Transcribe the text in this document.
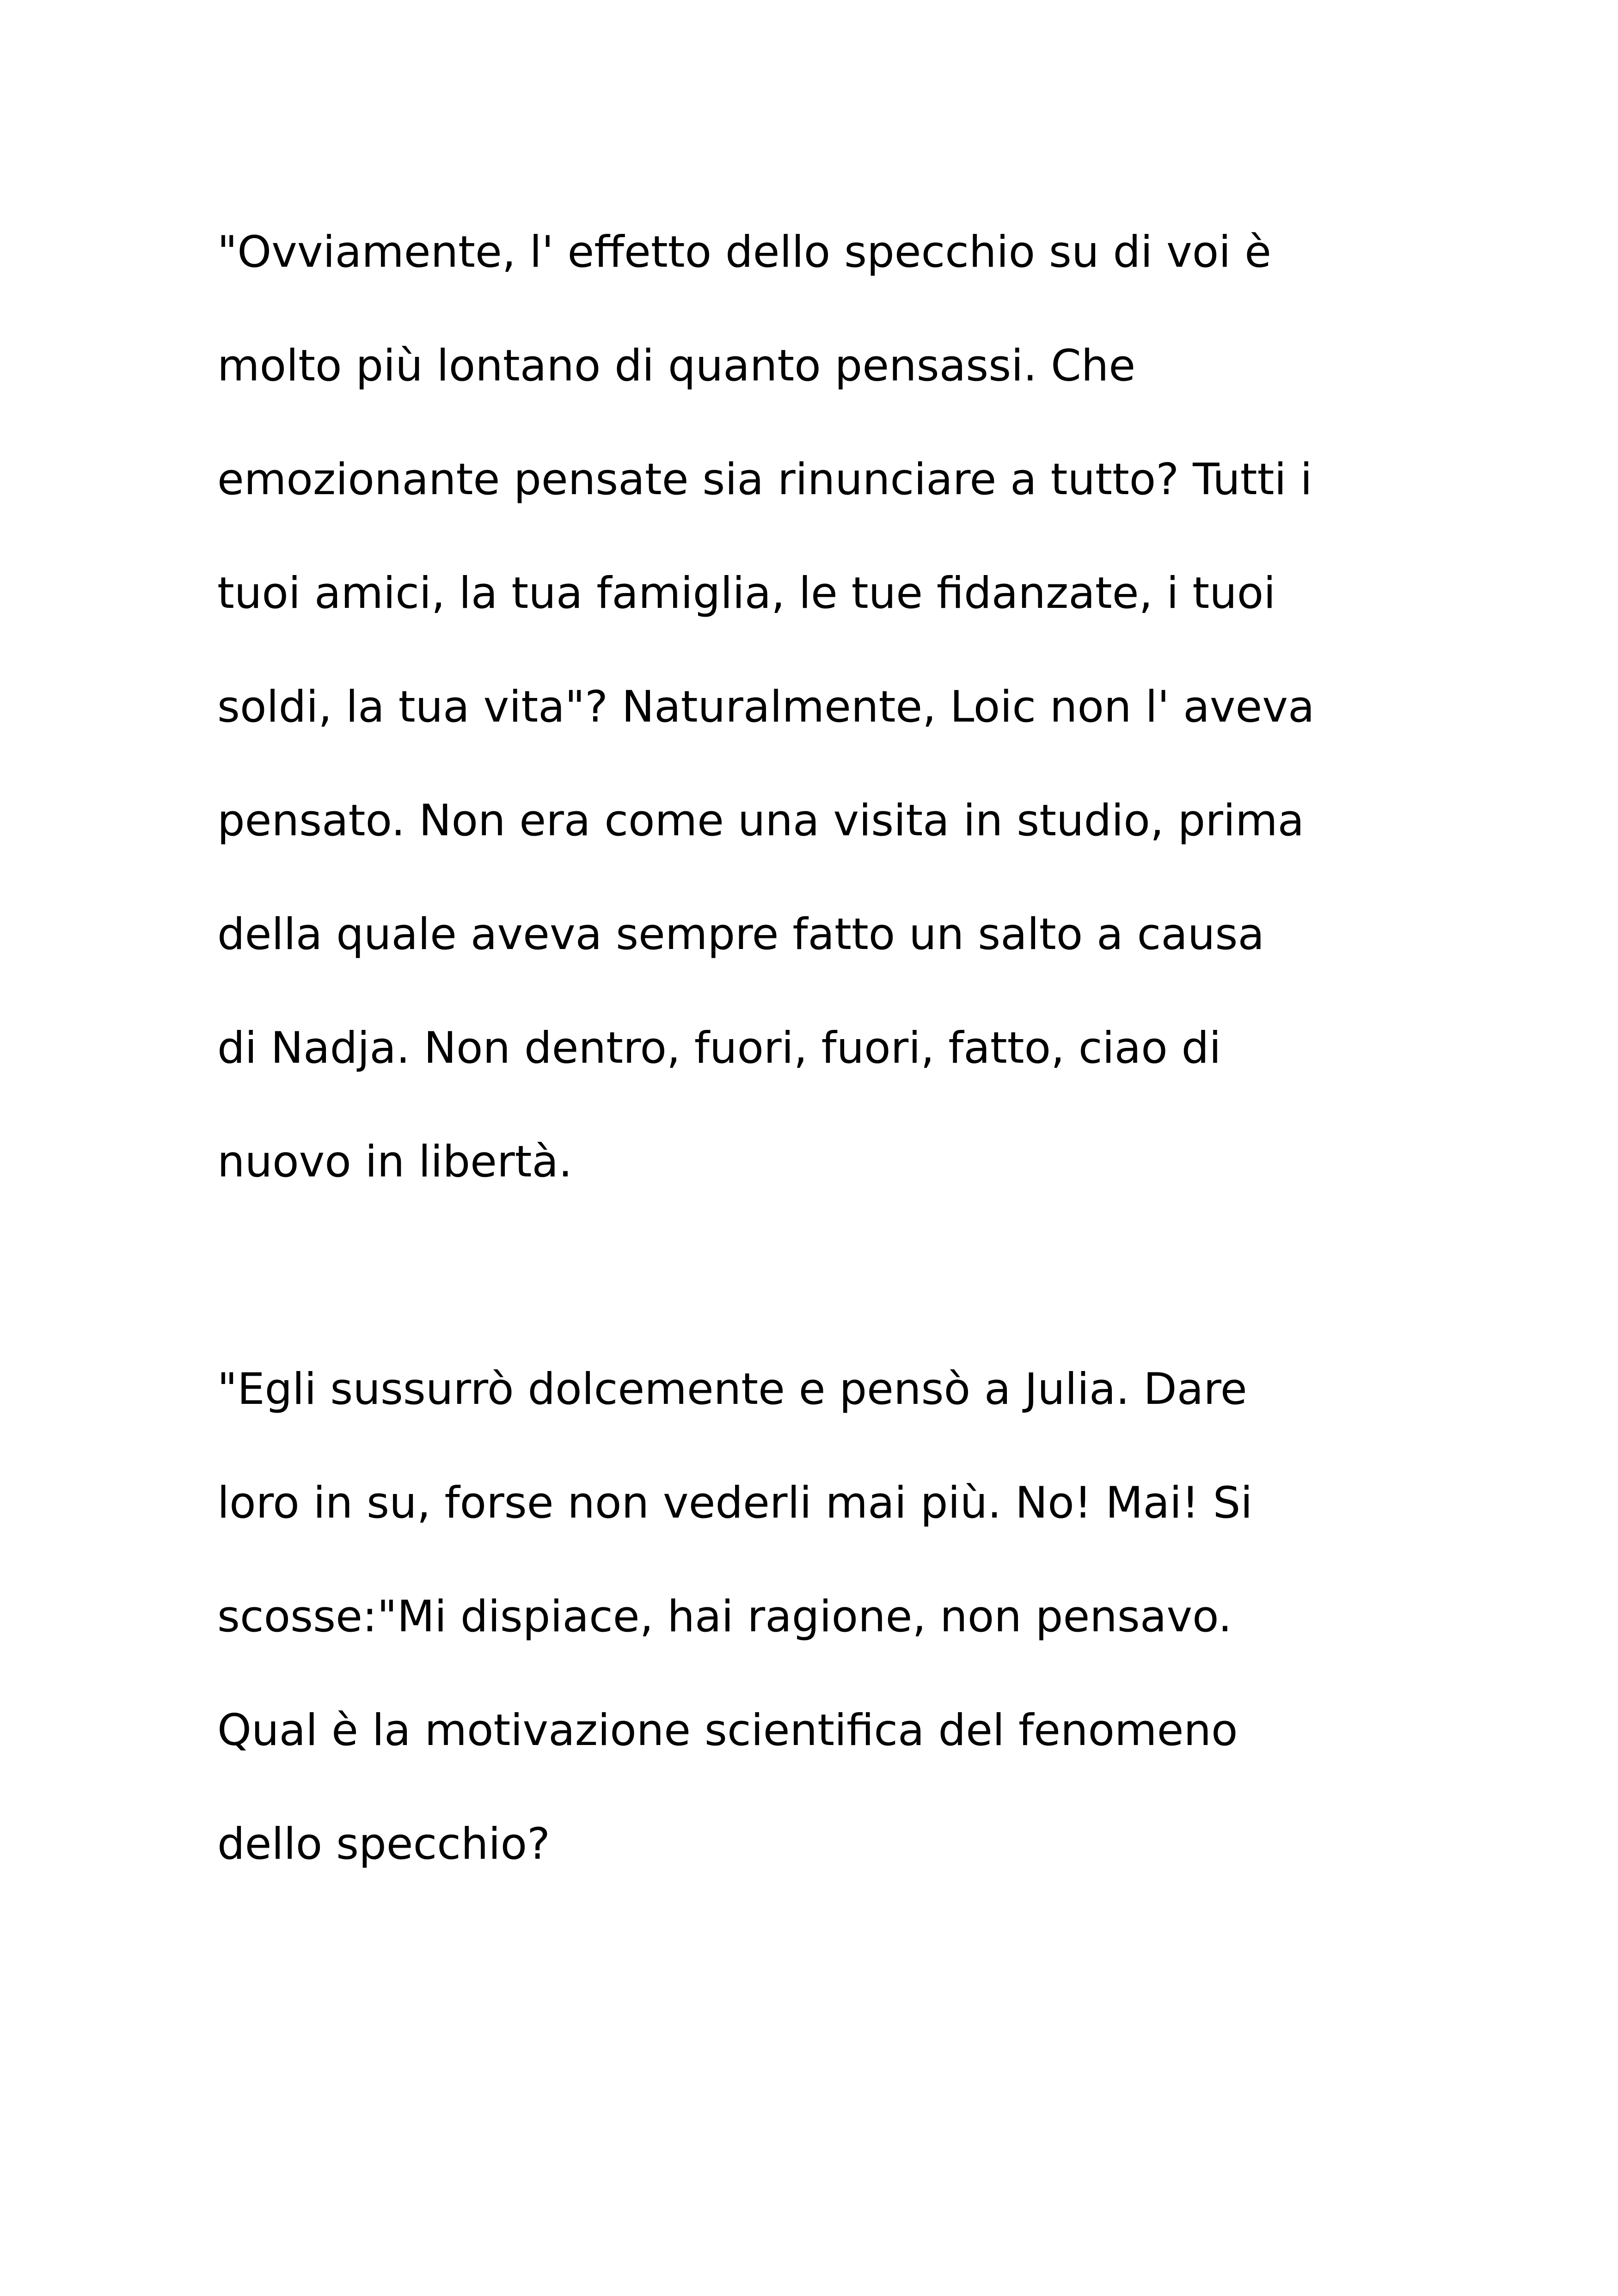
"Ovviamente, l' effetto dello specchio su di voi è

molto più lontano di quanto pensassi. Che

emozionante pensate sia rinunciare a tutto? Tutti i

tuoi amici, la tua famiglia, le tue fidanzate, i tuoi

soldi, la tua vita"? Naturalmente, Loic non l' aveva

pensato. Non era come una visita in studio, prima

della quale aveva sempre fatto un salto a causa

di Nadja. Non dentro, fuori, fuori, fatto, ciao di

nuovo in libertà.

"Egli sussurrò dolcemente e pensò a Julia. Dare

loro in su, forse non vederli mai più. No! Mai! Si

scosse:"Mi dispiace, hai ragione, non pensavo.

Qual è la motivazione scientifica del fenomeno

dello specchio?
